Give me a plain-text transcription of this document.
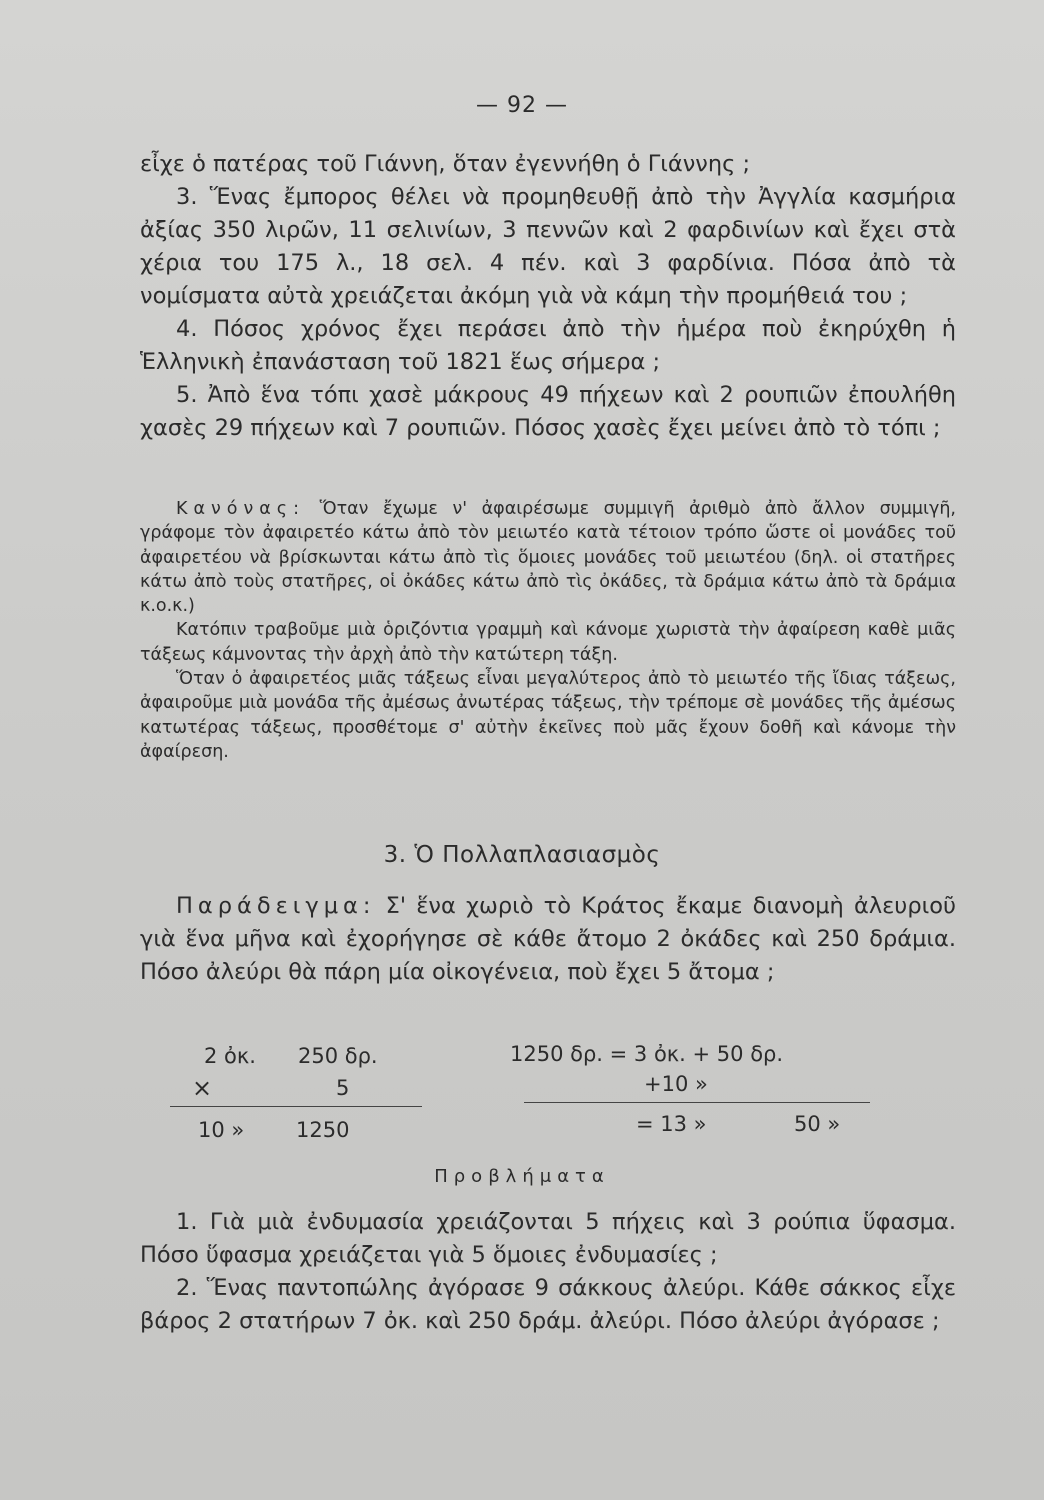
— 92 —

εἶχε ὁ πατέρας τοῦ Γιάννη, ὅταν ἐγεννήθη ὁ Γιάννης ;

3. Ἕνας ἔμπορος θέλει νὰ προμηθευθῇ ἀπὸ τὴν Ἀγγλία κασμήρια ἀξίας 350 λιρῶν, 11 σελινίων, 3 πεννῶν καὶ 2 φαρδινίων καὶ ἔχει στὰ χέρια του 175 λ., 18 σελ. 4 πέν. καὶ 3 φαρδίνια. Πόσα ἀπὸ τὰ νομίσματα αὐτὰ χρειάζεται ἀκόμη γιὰ νὰ κάμη τὴν προμήθειά του ;

4. Πόσος χρόνος ἔχει περάσει ἀπὸ τὴν ἡμέρα ποὺ ἐκηρύχθη ἡ Ἑλληνικὴ ἐπανάσταση τοῦ 1821 ἕως σήμερα ;

5. Ἀπὸ ἕνα τόπι χασὲ μάκρους 49 πήχεων καὶ 2 ρουπιῶν ἐπουλήθη χασὲς 29 πήχεων καὶ 7 ρουπιῶν. Πόσος χασὲς ἔχει μείνει ἀπὸ τὸ τόπι ;

Κανόνας: Ὅταν ἔχωμε ν' ἀφαιρέσωμε συμμιγῆ ἀριθμὸ ἀπὸ ἄλλον συμμιγῆ, γράφομε τὸν ἀφαιρετέο κάτω ἀπὸ τὸν μειωτέο κατὰ τέτοιον τρόπο ὥστε οἱ μονάδες τοῦ ἀφαιρετέου νὰ βρίσκωνται κάτω ἀπὸ τὶς ὅμοιες μονάδες τοῦ μειωτέου (δηλ. οἱ στατῆρες κάτω ἀπὸ τοὺς στατῆρες, οἱ ὀκάδες κάτω ἀπὸ τὶς ὀκάδες, τὰ δράμια κάτω ἀπὸ τὰ δράμια κ.ο.κ.)

Κατόπιν τραβοῦμε μιὰ ὁριζόντια γραμμὴ καὶ κάνομε χωριστὰ τὴν ἀφαίρεση καθὲ μιᾶς τάξεως κάμνοντας τὴν ἀρχὴ ἀπὸ τὴν κατώτερη τάξη.

Ὅταν ὁ ἀφαιρετέος μιᾶς τάξεως εἶναι μεγαλύτερος ἀπὸ τὸ μειωτέο τῆς ἴδιας τάξεως, ἀφαιροῦμε μιὰ μονάδα τῆς ἀμέσως ἀνωτέρας τάξεως, τὴν τρέπομε σὲ μονάδες τῆς ἀμέσως κατωτέρας τάξεως, προσθέτομε σ' αὐτὴν ἐκεῖνες ποὺ μᾶς ἔχουν δοθῆ καὶ κάνομε τὴν ἀφαίρεση.

3. Ὁ Πολλαπλασιασμὸς

Παράδειγμα: Σ' ἕνα χωριὸ τὸ Κράτος ἔκαμε διανομὴ ἀλευριοῦ γιὰ ἕνα μῆνα καὶ ἐχορήγησε σὲ κάθε ἄτομο 2 ὀκάδες καὶ 250 δράμια. Πόσο ἀλεύρι θὰ πάρη μία οἰκογένεια, ποὺ ἔχει 5 ἄτομα ;

2 ὀκ. 250 δρ.
×	5
10 » 1250
1250 δρ. = 3 ὀκ. + 50 δρ.
+10 »
= 13 »	50 »
Προβλήματα

1. Γιὰ μιὰ ἐνδυμασία χρειάζονται 5 πήχεις καὶ 3 ρούπια ὕφασμα. Πόσο ὕφασμα χρειάζεται γιὰ 5 ὅμοιες ἐνδυμασίες ;

2. Ἕνας παντοπώλης ἀγόρασε 9 σάκκους ἀλεύρι. Κάθε σάκκος εἶχε βάρος 2 στατήρων 7 ὀκ. καὶ 250 δράμ. ἀλεύρι. Πόσο ἀλεύρι ἀγόρασε ;
